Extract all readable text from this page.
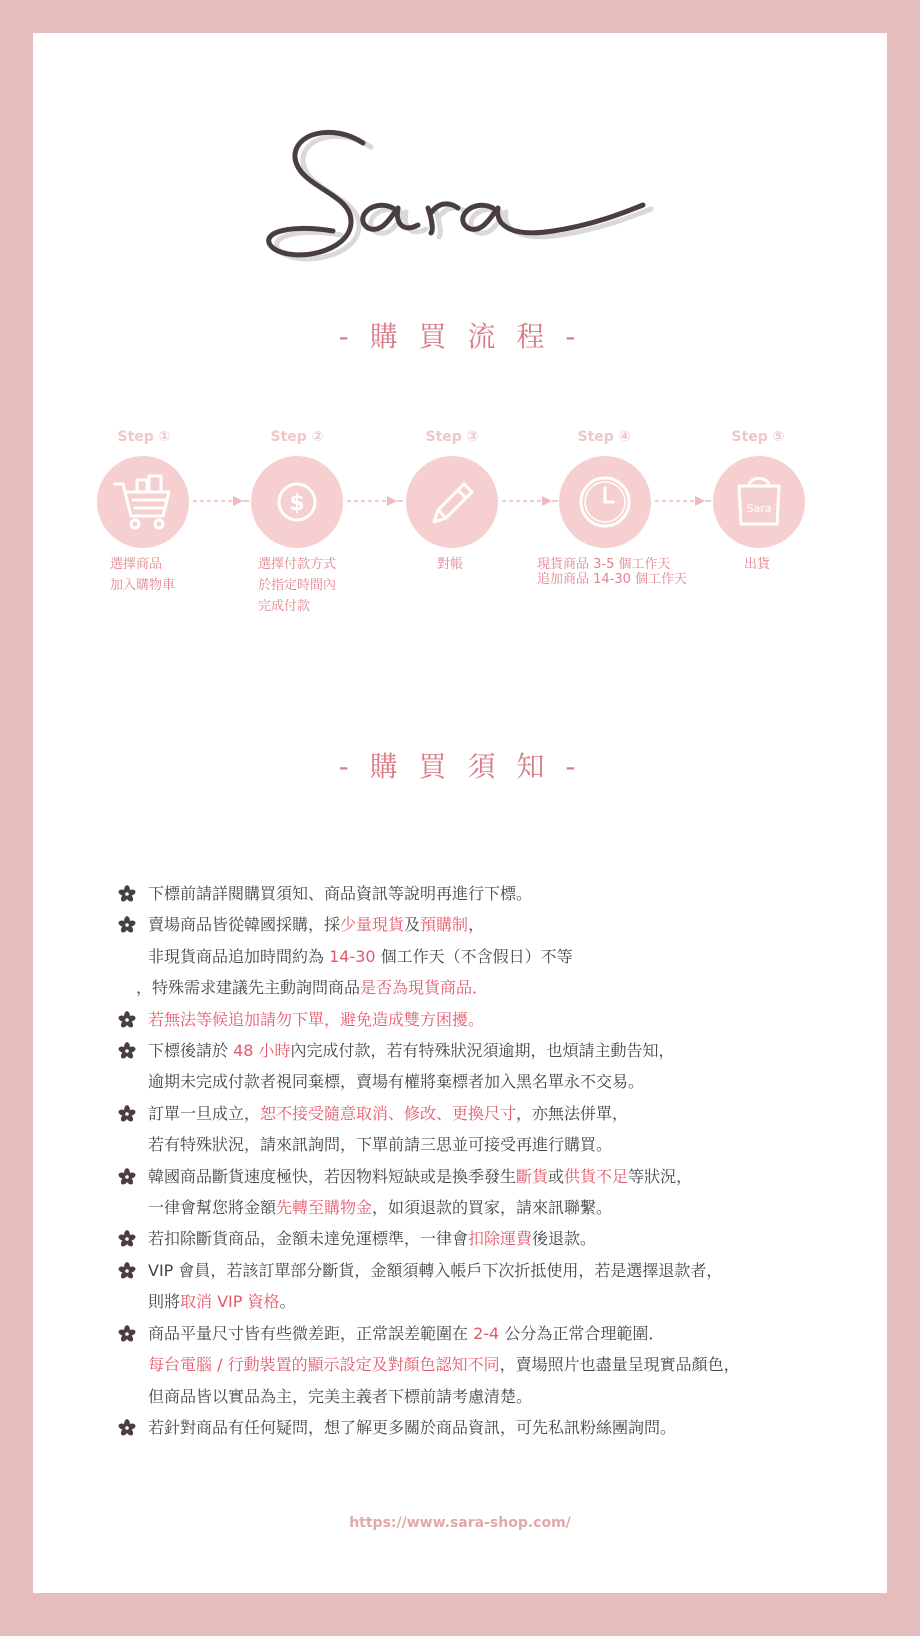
- 購 買 流 程 -
Step ①	Step ②	Step ③	Step ④	Step ⑤
$	Sara
選擇商品
加入購物車
選擇付款方式
於指定時間內
完成付款
對帳	現貨商品 3-5 個工作天
追加商品 14-30 個工作天
出貨
- 購 買 須 知 -
下標前請詳閱購買須知、商品資訊等說明再進行下標。
賣場商品皆從韓國採購，採少量現貨及預購制，
非現貨商品追加時間約為 14-30 個工作天（不含假日）不等
，特殊需求建議先主動詢問商品是否為現貨商品．
若無法等候追加請勿下單，避免造成雙方困擾。
下標後請於 48 小時內完成付款，若有特殊狀況須逾期，也煩請主動告知，
逾期未完成付款者視同棄標，賣場有權將棄標者加入黑名單永不交易。
訂單一旦成立，恕不接受隨意取消、修改、更換尺寸，亦無法併單，
若有特殊狀況，請來訊詢問，下單前請三思並可接受再進行購買。
韓國商品斷貨速度極快，若因物料短缺或是換季發生斷貨或供貨不足等狀況，
一律會幫您將金額先轉至購物金，如須退款的買家，請來訊聯繫。
若扣除斷貨商品，金額未達免運標準，一律會扣除運費後退款。
VIP 會員，若該訂單部分斷貨，金額須轉入帳戶下次折抵使用，若是選擇退款者，
則將取消 VIP 資格。
商品平量尺寸皆有些微差距，正常誤差範圍在 2-4 公分為正常合理範圍．
每台電腦 / 行動裝置的顯示設定及對顏色認知不同，賣場照片也盡量呈現實品顏色，
但商品皆以實品為主，完美主義者下標前請考慮清楚。
若針對商品有任何疑問，想了解更多關於商品資訊，可先私訊粉絲團詢問。
https://www.sara-shop.com/
